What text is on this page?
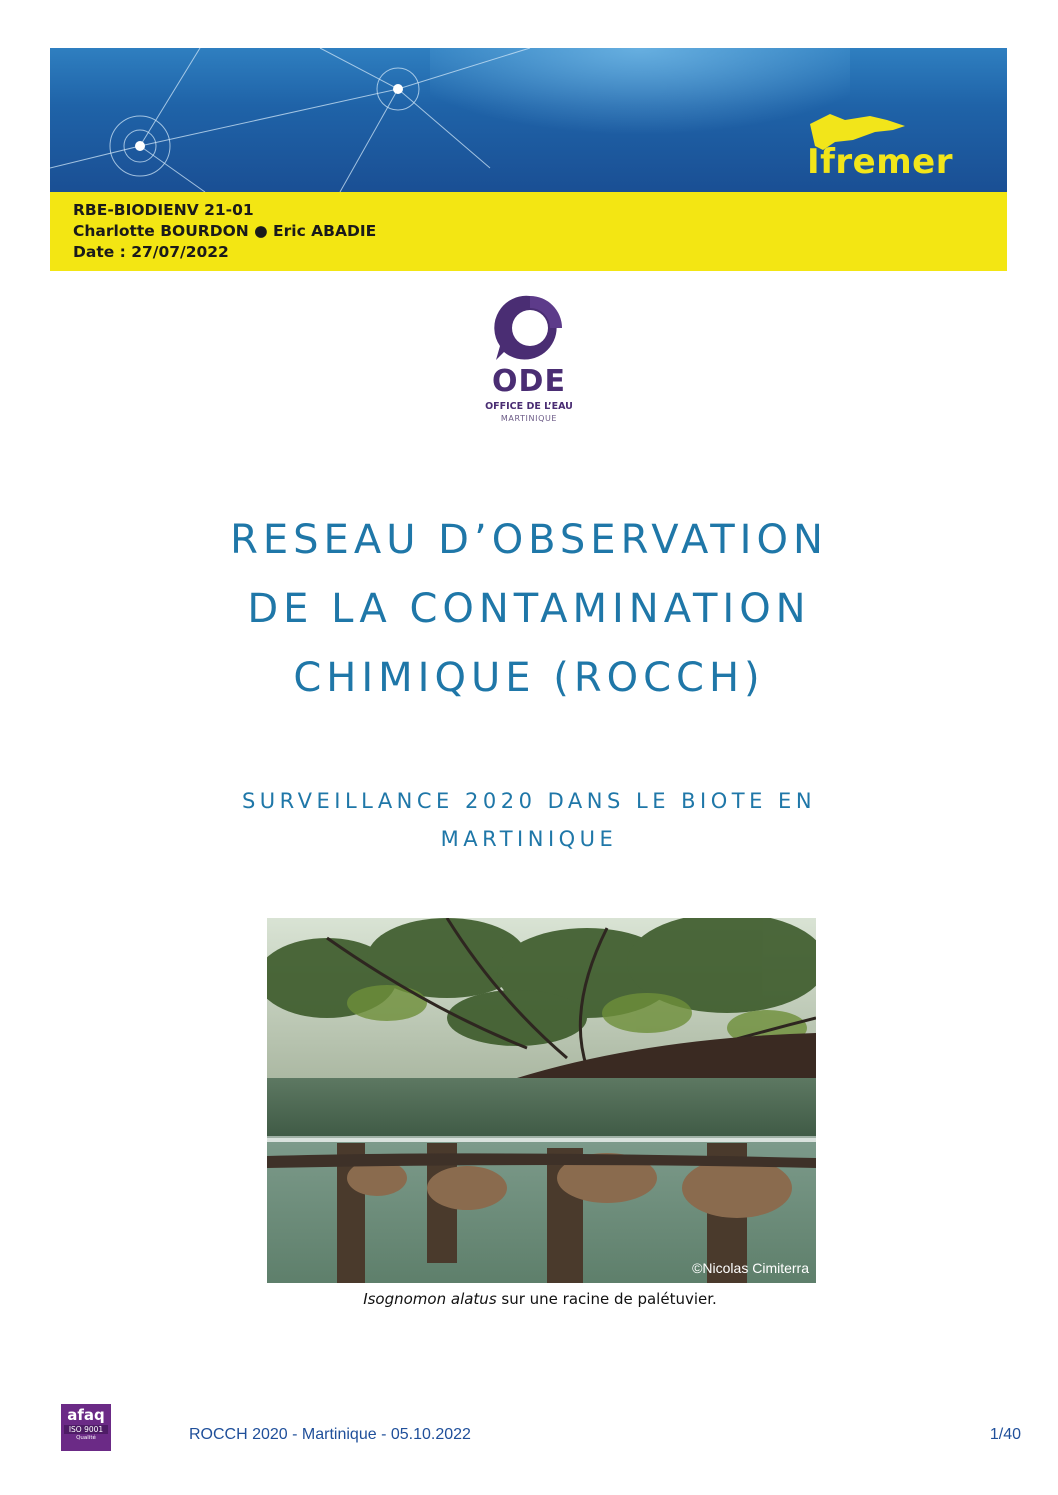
Ifremer
RBE-BIODIENV 21-01
Charlotte BOURDON ● Eric ABADIE
Date : 27/07/2022
ODE
OFFICE DE L’EAU
MARTINIQUE
RESEAU D’OBSERVATION
DE LA CONTAMINATION
CHIMIQUE (ROCCH)
SURVEILLANCE 2020 DANS LE BIOTE EN
MARTINIQUE
©Nicolas Cimiterra
Isognomon alatus sur une racine de palétuvier.
afaq
ISO 9001
Qualité	ROCCH 2020 - Martinique - 05.10.2022	1/40
